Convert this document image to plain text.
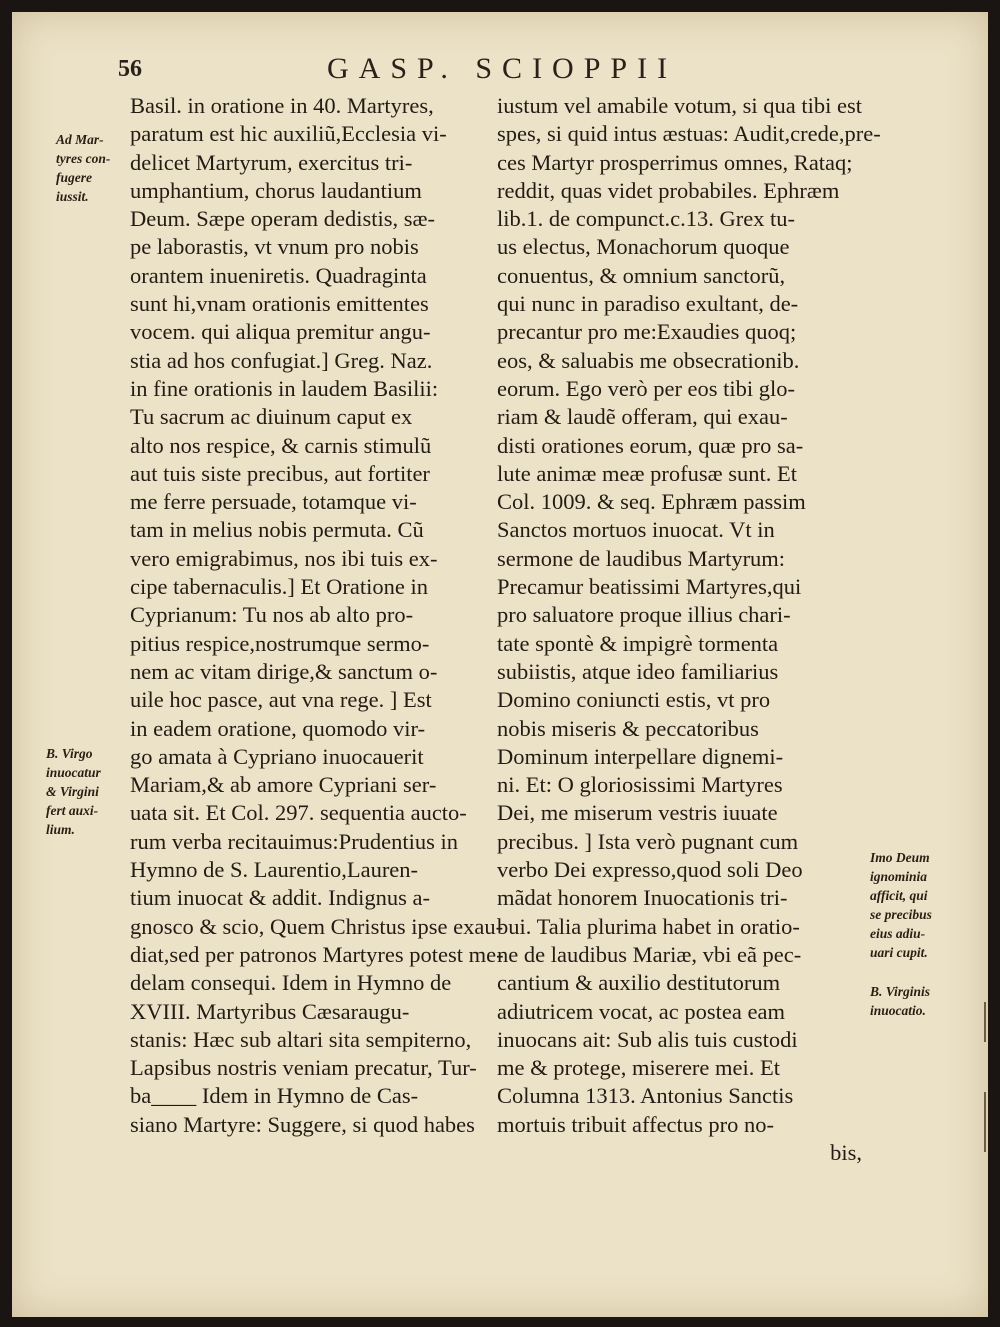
56	GASP. SCIOPPII
Ad Mar-
tyres con-
fugere
iussit.
B. Virgo
inuocatur
& Virgini
fert auxi-
lium.
Imo Deum
ignominia
afficit, qui
se precibus
eius adiu-
uari cupit.
B. Virginis
inuocatio.
Basil. in oratione in 40. Martyres,
paratum est hic auxiliũ,Ecclesia vi-
delicet Martyrum, exercitus tri-
umphantium, chorus laudantium
Deum. Sæpe operam dedistis, sæ-
pe laborastis, vt vnum pro nobis
orantem inueniretis. Quadraginta
sunt hi,vnam orationis emittentes
vocem. qui aliqua premitur angu-
stia ad hos confugiat.] Greg. Naz.
in fine orationis in laudem Basilii:
Tu sacrum ac diuinum caput ex
alto nos respice, & carnis stimulũ
aut tuis siste precibus, aut fortiter
me ferre persuade, totamque vi-
tam in melius nobis permuta. Cũ
vero emigrabimus, nos ibi tuis ex-
cipe tabernaculis.] Et Oratione in
Cyprianum: Tu nos ab alto pro-
pitius respice,nostrumque sermo-
nem ac vitam dirige,& sanctum o-
uile hoc pasce, aut vna rege. ] Est
in eadem oratione, quomodo vir-
go amata à Cypriano inuocauerit
Mariam,& ab amore Cypriani ser-
uata sit. Et Col. 297. sequentia aucto-
rum verba recitauimus:Prudentius in
Hymno de S. Laurentio,Lauren-
tium inuocat & addit. Indignus a-
gnosco & scio, Quem Christus ipse exau-
diat,sed per patronos Martyres potest me-
delam consequi. Idem in Hymno de
XVIII. Martyribus Cæsaraugu-
stanis: Hæc sub altari sita sempiterno,
Lapsibus nostris veniam precatur, Tur-
ba____ Idem in Hymno de Cas-
siano Martyre: Suggere, si quod habes
iustum vel amabile votum, si qua tibi est
spes, si quid intus æstuas: Audit,crede,pre-
ces Martyr prosperrimus omnes, Rataq;
reddit, quas videt probabiles. Ephræm
lib.1. de compunct.c.13. Grex tu-
us electus, Monachorum quoque
conuentus, & omnium sanctorũ,
qui nunc in paradiso exultant, de-
precantur pro me:Exaudies quoq;
eos, & saluabis me obsecrationib.
eorum. Ego verò per eos tibi glo-
riam & laudẽ offeram, qui exau-
disti orationes eorum, quæ pro sa-
lute animæ meæ profusæ sunt. Et
Col. 1009. & seq. Ephræm passim
Sanctos mortuos inuocat. Vt in
sermone de laudibus Martyrum:
Precamur beatissimi Martyres,qui
pro saluatore proque illius chari-
tate spontè & impigrè tormenta
subiistis, atque ideo familiarius
Domino coniuncti estis, vt pro
nobis miseris & peccatoribus
Dominum interpellare dignemi-
ni. Et: O gloriosissimi Martyres
Dei, me miserum vestris iuuate
precibus. ] Ista verò pugnant cum
verbo Dei expresso,quod soli Deo
mãdat honorem Inuocationis tri-
bui. Talia plurima habet in oratio-
ne de laudibus Mariæ, vbi eã pec-
cantium & auxilio destitutorum
adiutricem vocat, ac postea eam
inuocans ait: Sub alis tuis custodi
me & protege, miserere mei. Et
Columna 1313. Antonius Sanctis
mortuis tribuit affectus pro no-
bis,
